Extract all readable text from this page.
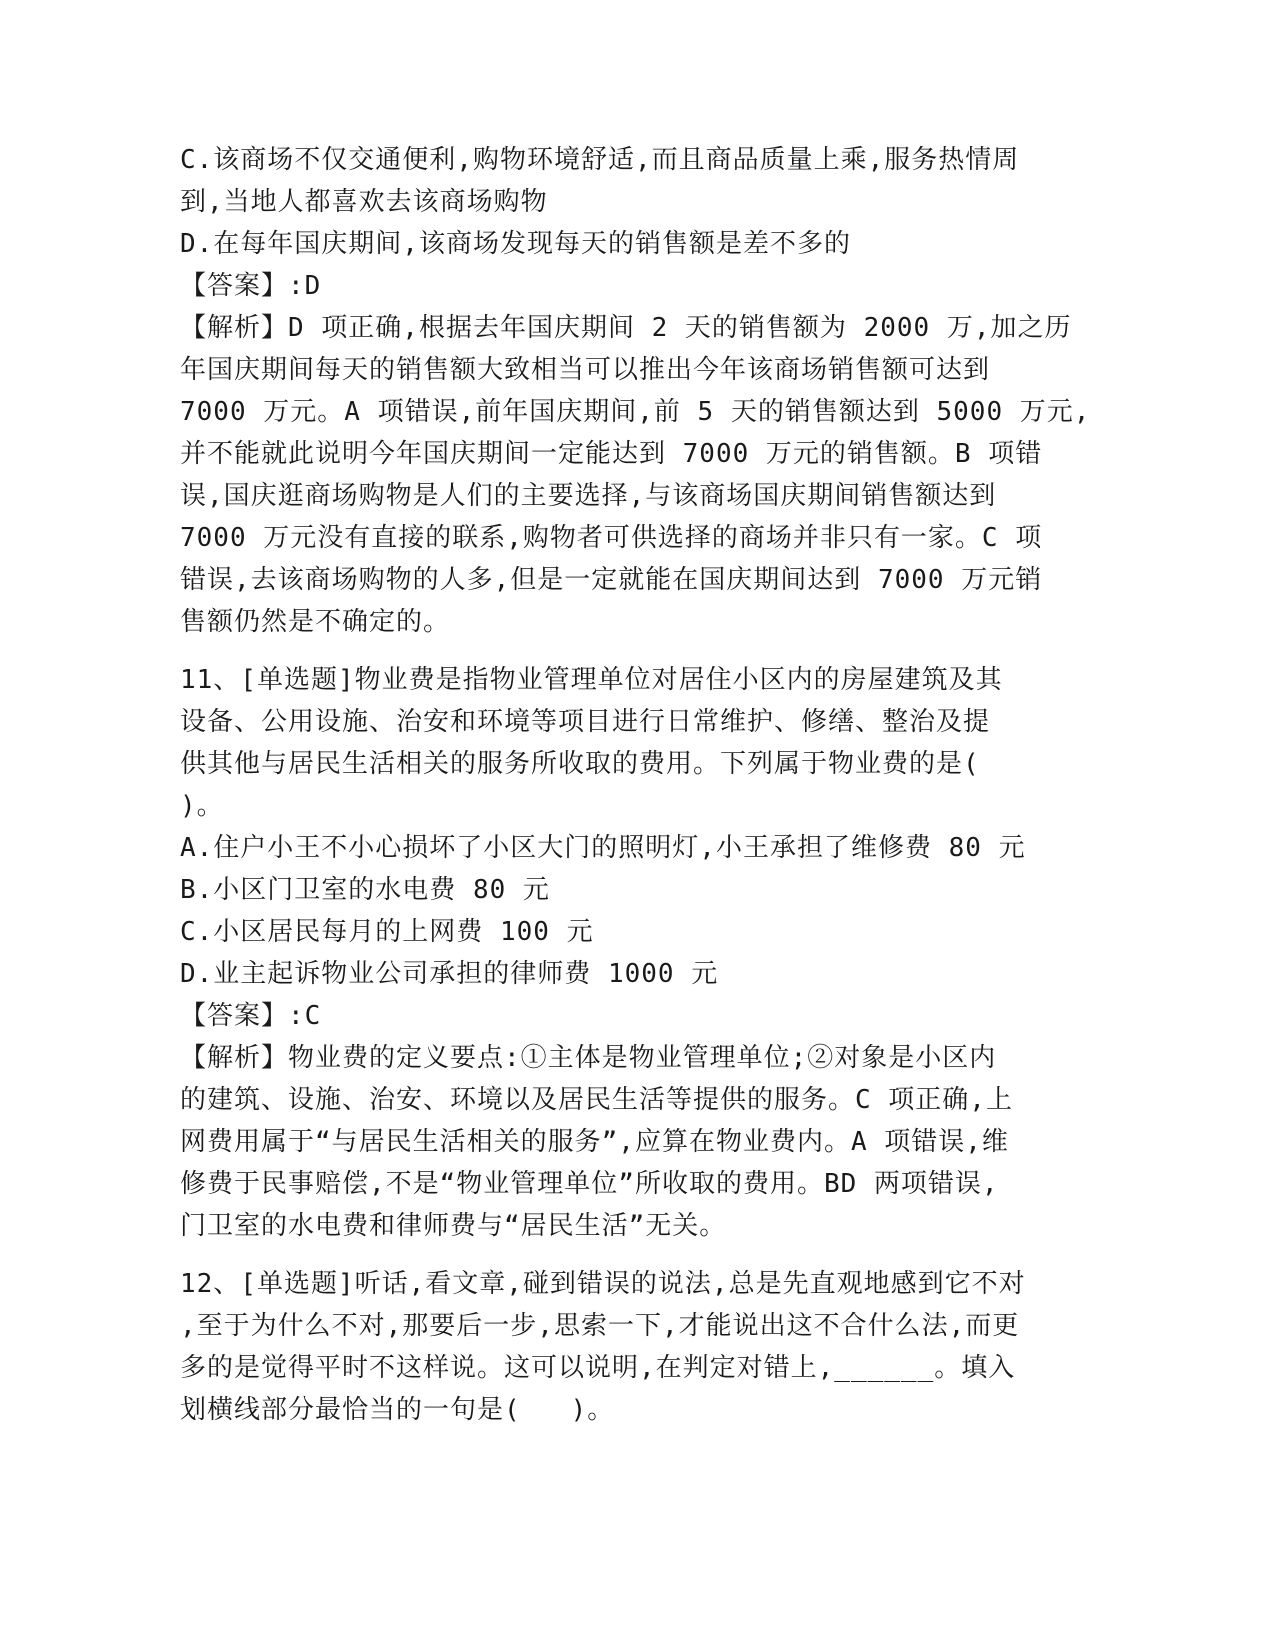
C.该商场不仅交通便利,购物环境舒适,而且商品质量上乘,服务热情周
到,当地人都喜欢去该商场购物
D.在每年国庆期间,该商场发现每天的销售额是差不多的
【答案】:D
【解析】D 项正确,根据去年国庆期间 2 天的销售额为 2000 万,加之历
年国庆期间每天的销售额大致相当可以推出今年该商场销售额可达到
7000 万元。A 项错误,前年国庆期间,前 5 天的销售额达到 5000 万元,
并不能就此说明今年国庆期间一定能达到 7000 万元的销售额。B 项错
误,国庆逛商场购物是人们的主要选择,与该商场国庆期间销售额达到
7000 万元没有直接的联系,购物者可供选择的商场并非只有一家。C 项
错误,去该商场购物的人多,但是一定就能在国庆期间达到 7000 万元销
售额仍然是不确定的。
11、[单选题]物业费是指物业管理单位对居住小区内的房屋建筑及其
设备、公用设施、治安和环境等项目进行日常维护、修缮、整治及提
供其他与居民生活相关的服务所收取的费用。下列属于物业费的是(
)。
A.住户小王不小心损坏了小区大门的照明灯,小王承担了维修费 80 元
B.小区门卫室的水电费 80 元
C.小区居民每月的上网费 100 元
D.业主起诉物业公司承担的律师费 1000 元
【答案】:C
【解析】物业费的定义要点:①主体是物业管理单位;②对象是小区内
的建筑、设施、治安、环境以及居民生活等提供的服务。C 项正确,上
网费用属于“与居民生活相关的服务”,应算在物业费内。A 项错误,维
修费于民事赔偿,不是“物业管理单位”所收取的费用。BD 两项错误,
门卫室的水电费和律师费与“居民生活”无关。
12、[单选题]听话,看文章,碰到错误的说法,总是先直观地感到它不对
,至于为什么不对,那要后一步,思索一下,才能说出这不合什么法,而更
多的是觉得平时不这样说。这可以说明,在判定对错上,______。填入
划横线部分最恰当的一句是(   )。
